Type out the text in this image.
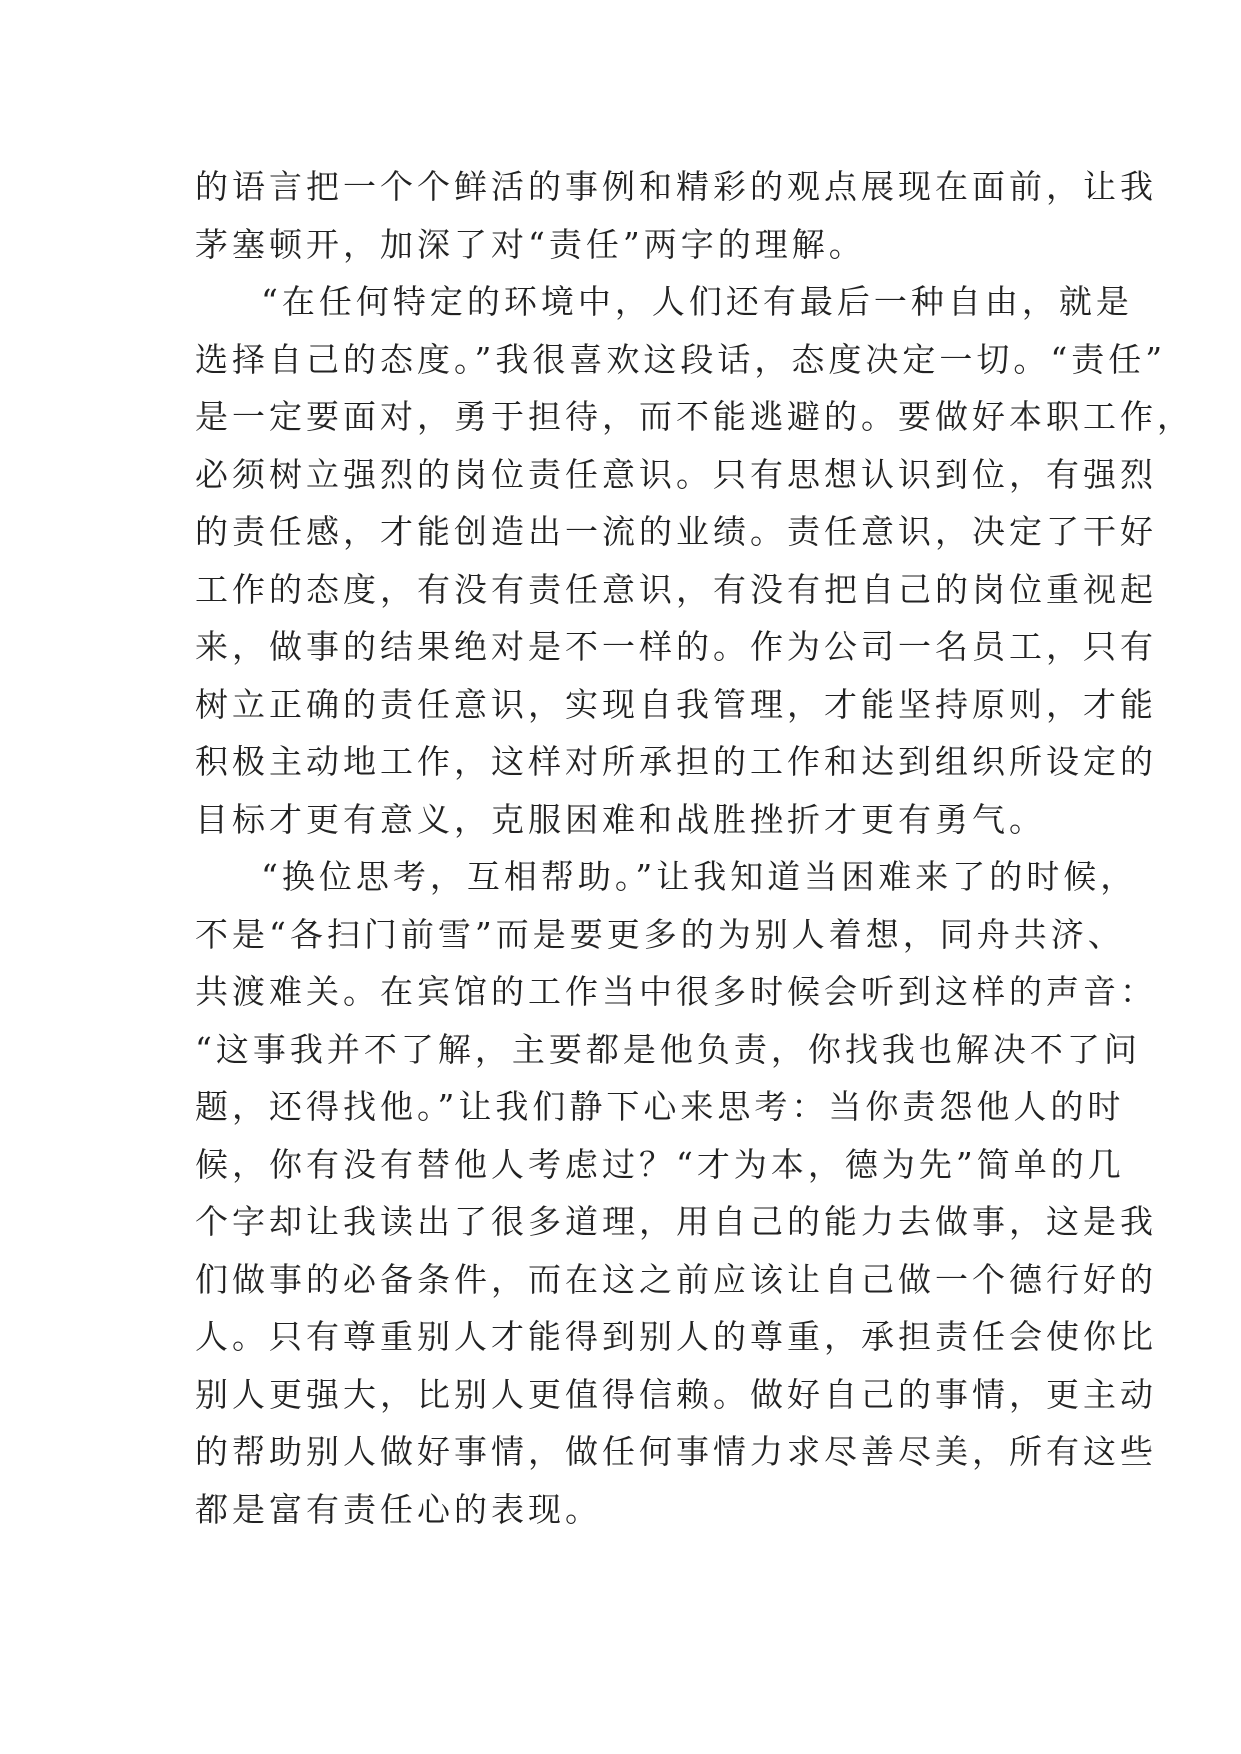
的语言把一个个鲜活的事例和精彩的观点展现在面前，让我
茅塞顿开，加深了对“责任”两字的理解。
“在任何特定的环境中，人们还有最后一种自由，就是
选择自己的态度。”我很喜欢这段话，态度决定一切。“责任”
是一定要面对，勇于担待，而不能逃避的。要做好本职工作，
必须树立强烈的岗位责任意识。只有思想认识到位，有强烈
的责任感，才能创造出一流的业绩。责任意识，决定了干好
工作的态度，有没有责任意识，有没有把自己的岗位重视起
来，做事的结果绝对是不一样的。作为公司一名员工，只有
树立正确的责任意识，实现自我管理，才能坚持原则，才能
积极主动地工作，这样对所承担的工作和达到组织所设定的
目标才更有意义，克服困难和战胜挫折才更有勇气。
“换位思考，互相帮助。”让我知道当困难来了的时候，
不是“各扫门前雪”而是要更多的为别人着想，同舟共济、
共渡难关。在宾馆的工作当中很多时候会听到这样的声音：
“这事我并不了解，主要都是他负责，你找我也解决不了问
题，还得找他。”让我们静下心来思考：当你责怨他人的时
候，你有没有替他人考虑过？“才为本，德为先”简单的几
个字却让我读出了很多道理，用自己的能力去做事，这是我
们做事的必备条件，而在这之前应该让自己做一个德行好的
人。只有尊重别人才能得到别人的尊重，承担责任会使你比
别人更强大，比别人更值得信赖。做好自己的事情，更主动
的帮助别人做好事情，做任何事情力求尽善尽美，所有这些
都是富有责任心的表现。
